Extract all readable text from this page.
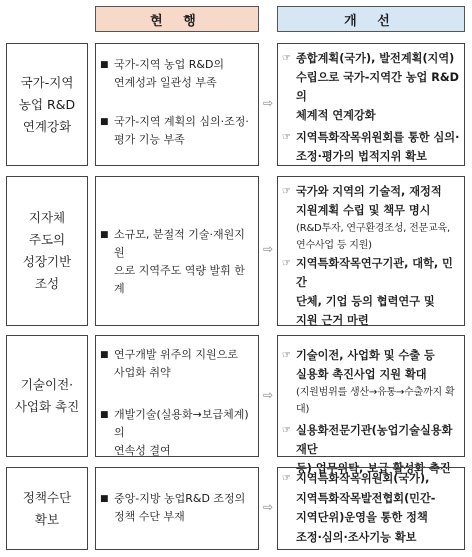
현 행	개 선
국가-지역
농업 R&D
연계강화
■ 국가-지역 농업 R&D의
연계성과 일관성 부족
■ 국가-지역 계획의 심의·조정·
평가 기능 부족
⇨
☞ 종합계획(국가), 발전계획(지역)
수립으로 국가-지역간 농업 R&D의
체계적 연계강화
☞ 지역특화작목위원회를 통한 심의·
조정·평가의 법적지위 확보
지자체
주도의
성장기반
조성
■ 소규모, 분절적 기술·재원지원
으로 지역주도 역량 발휘 한계
⇨
☞ 국가와 지역의 기술적, 재정적
지원계획 수립 및 책무 명시
(R&D투자, 연구환경조성, 전문교육,
연수사업 등 지원)
☞ 지역특화작목연구기관, 대학, 민간
단체, 기업 등의 협력연구 및
지원 근거 마련
기술이전·
사업화 촉진
■ 연구개발 위주의 지원으로
사업화 취약
■ 개발기술(실용화→보급체계)의
연속성 결여
⇨
☞ 기술이전, 사업화 및 수출 등
실용화 촉진사업 지원 확대
(지원범위를 생산→유통→수출까지 확대)
☞ 실용화전문기관(농업기술실용화재단
등) 업무위탁, 보급 활성화 촉진
정책수단
확보
■ 중앙-지방 농업R&D 조정의
정책 수단 부재
⇨
☞ 지역특화작목위원회(국가),
지역특화작목발전협회(민간-
지역단위)운영을 통한 정책
조정·심의·조사기능 확보
